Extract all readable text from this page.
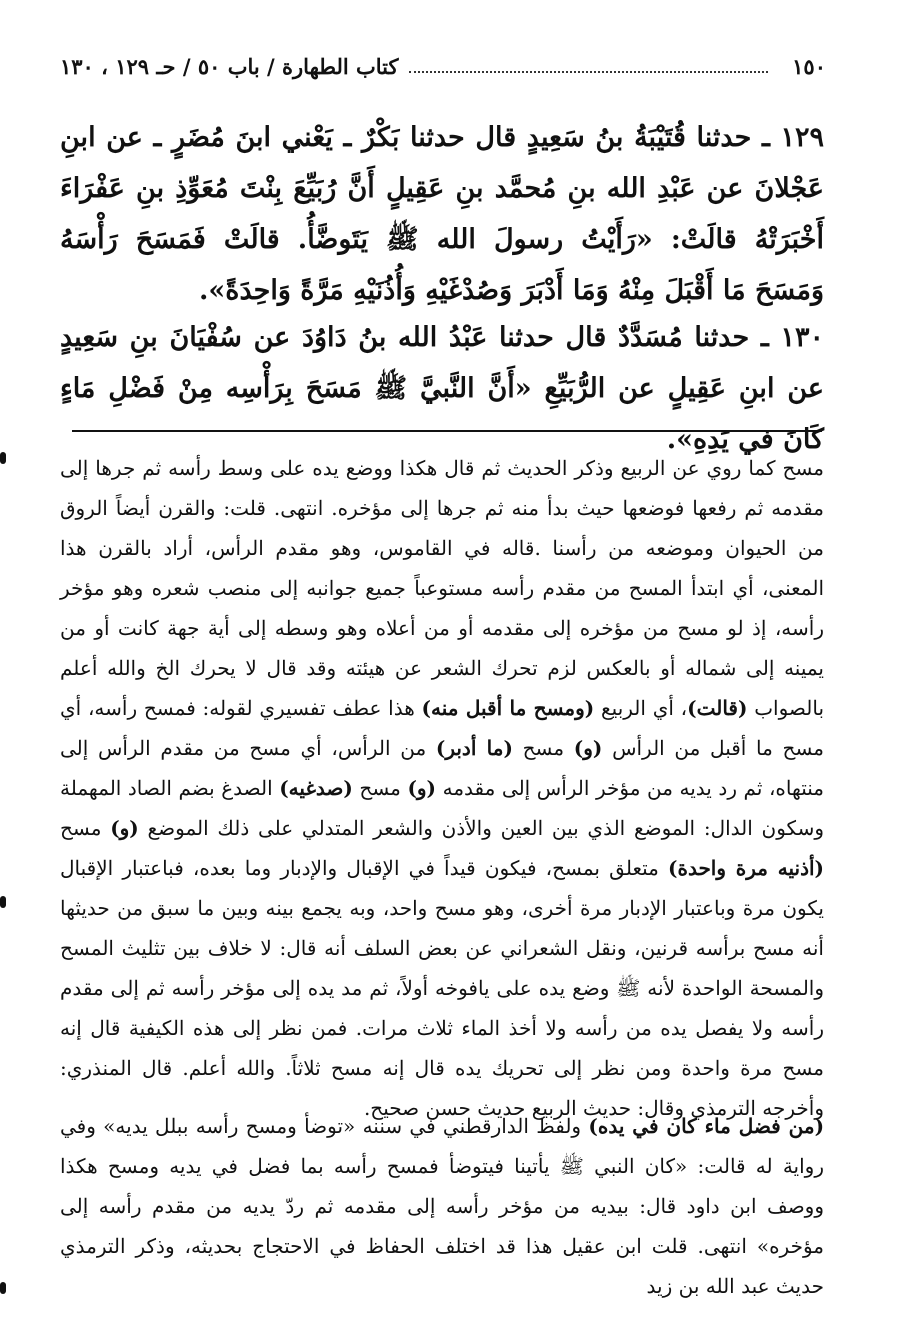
١٥٠
كتاب الطهارة / باب ٥٠ / حـ ١٢٩ ، ١٣٠
١٢٩ ـ حدثنا قُتَيْبَةُ بنُ سَعِيدٍ قال حدثنا بَكْرٌ ـ يَعْني ابنَ مُضَرٍ ـ عن ابنِ عَجْلانَ عن عَبْدِ الله بنِ مُحمَّد بنِ عَقِيلٍ أَنَّ رُبَيِّعَ بِنْتَ مُعَوِّذِ بنِ عَفْرَاءَ أَخْبَرَتْهُ قالَتْ: «رَأَيْتُ رسولَ الله ﷺ يَتَوضَّأُ. قالَتْ فَمَسَحَ رَأْسَهُ وَمَسَحَ مَا أَقْبَلَ مِنْهُ وَمَا أَدْبَرَ وَصُدْغَيْهِ وَأُذُنَيْهِ مَرَّةً وَاحِدَةً».
١٣٠ ـ حدثنا مُسَدَّدٌ قال حدثنا عَبْدُ الله بنُ دَاوُدَ عن سُفْيَانَ بنِ سَعِيدٍ عن ابنِ عَقِيلٍ عن الرُّبَيِّعِ «أَنَّ النَّبيَّ ﷺ مَسَحَ بِرَأْسِه مِنْ فَضْلِ مَاءٍ كَانَ في يَدِهِ».
مسح كما روي عن الربيع وذكر الحديث ثم قال هكذا ووضع يده على وسط رأسه ثم جرها إلى مقدمه ثم رفعها فوضعها حيث بدأ منه ثم جرها إلى مؤخره. انتهى. قلت: والقرن أيضاً الروق من الحيوان وموضعه من رأسنا .قاله في القاموس، وهو مقدم الرأس، أراد بالقرن هذا المعنى، أي ابتدأ المسح من مقدم رأسه مستوعباً جميع جوانبه إلى منصب شعره وهو مؤخر رأسه، إذ لو مسح من مؤخره إلى مقدمه أو من أعلاه وهو وسطه إلى أية جهة كانت أو من يمينه إلى شماله أو بالعكس لزم تحرك الشعر عن هيئته وقد قال لا يحرك الخ والله أعلم بالصواب (قالت)، أي الربيع (ومسح ما أقبل منه) هذا عطف تفسيري لقوله: فمسح رأسه، أي مسح ما أقبل من الرأس (و) مسح (ما أدبر) من الرأس، أي مسح من مقدم الرأس إلى منتهاه، ثم رد يديه من مؤخر الرأس إلى مقدمه (و) مسح (صدغيه) الصدغ بضم الصاد المهملة وسكون الدال: الموضع الذي بين العين والأذن والشعر المتدلي على ذلك الموضع (و) مسح (أذنيه مرة واحدة) متعلق بمسح، فيكون قيداً في الإقبال والإدبار وما بعده، فباعتبار الإقبال يكون مرة وباعتبار الإدبار مرة أخرى، وهو مسح واحد، وبه يجمع بينه وبين ما سبق من حديثها أنه مسح برأسه قرنين، ونقل الشعراني عن بعض السلف أنه قال: لا خلاف بين تثليث المسح والمسحة الواحدة لأنه ﷺ وضع يده على يافوخه أولاً، ثم مد يده إلى مؤخر رأسه ثم إلى مقدم رأسه ولا يفصل يده من رأسه ولا أخذ الماء ثلاث مرات. فمن نظر إلى هذه الكيفية قال إنه مسح مرة واحدة ومن نظر إلى تحريك يده قال إنه مسح ثلاثاً. والله أعلم. قال المنذري: وأخرجه الترمذي وقال: حديث الربيع حديث حسن صحيح.
(من فضل ماء كان في يده) ولفظ الدارقطني في سننه «توضأ ومسح رأسه ببلل يديه» وفي رواية له قالت: «كان النبي ﷺ يأتينا فيتوضأ فمسح رأسه بما فضل في يديه ومسح هكذا ووصف ابن داود قال: بيديه من مؤخر رأسه إلى مقدمه ثم ردّ يديه من مقدم رأسه إلى مؤخره» انتهى. قلت ابن عقيل هذا قد اختلف الحفاظ في الاحتجاج بحديثه، وذكر الترمذي حديث عبد الله بن زيد
